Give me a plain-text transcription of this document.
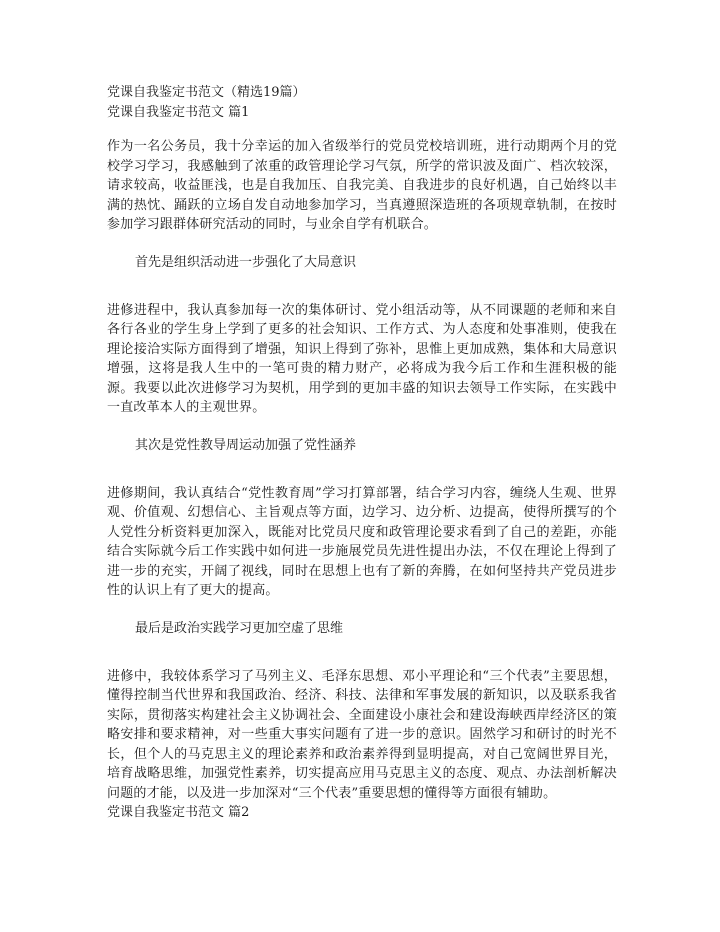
党课自我鉴定书范文（精选19篇）
党课自我鉴定书范文 篇1

作为一名公务员，我十分幸运的加入省级举行的党员党校培训班，进行动期两个月的党校学习学习，我感触到了浓重的政管理论学习气氛，所学的常识波及面广、档次较深，请求较高，收益匪浅，也是自我加压、自我完美、自我进步的良好机遇，自己始终以丰满的热忱、踊跃的立场自发自动地参加学习，当真遵照深造班的各项规章轨制，在按时参加学习跟群体研究活动的同时，与业余自学有机联合。

首先是组织活动进一步强化了大局意识

进修进程中，我认真参加每一次的集体研讨、党小组活动等，从不同课题的老师和来自各行各业的学生身上学到了更多的社会知识、工作方式、为人态度和处事准则，使我在理论接洽实际方面得到了增强，知识上得到了弥补，思惟上更加成熟，集体和大局意识增强，这将是我人生中的一笔可贵的精力财产，必将成为我今后工作和生涯积极的能源。我要以此次进修学习为契机，用学到的更加丰盛的知识去领导工作实际，在实践中一直改革本人的主观世界。

其次是党性教导周运动加强了党性涵养

进修期间，我认真结合“党性教育周”学习打算部署，结合学习内容，缠绕人生观、世界观、价值观、幻想信心、主旨观点等方面，边学习、边分析、边提高，使得所撰写的个人党性分析资料更加深入，既能对比党员尺度和政管理论要求看到了自己的差距，亦能结合实际就今后工作实践中如何进一步施展党员先进性提出办法，不仅在理论上得到了进一步的充实，开阔了视线，同时在思想上也有了新的奔腾，在如何坚持共产党员进步性的认识上有了更大的提高。

最后是政治实践学习更加空虚了思维

进修中，我较体系学习了马列主义、毛泽东思想、邓小平理论和“三个代表”主要思想，懂得控制当代世界和我国政治、经济、科技、法律和军事发展的新知识，以及联系我省实际，贯彻落实构建社会主义协调社会、全面建设小康社会和建设海峡西岸经济区的策略安排和要求精神，对一些重大事实问题有了进一步的意识。固然学习和研讨的时光不长，但个人的马克思主义的理论素养和政治素养得到显明提高，对自己宽阔世界目光，培育战略思维，加强党性素养，切实提高应用马克思主义的态度、观点、办法剖析解决问题的才能，以及进一步加深对“三个代表”重要思想的懂得等方面很有辅助。

党课自我鉴定书范文 篇2
